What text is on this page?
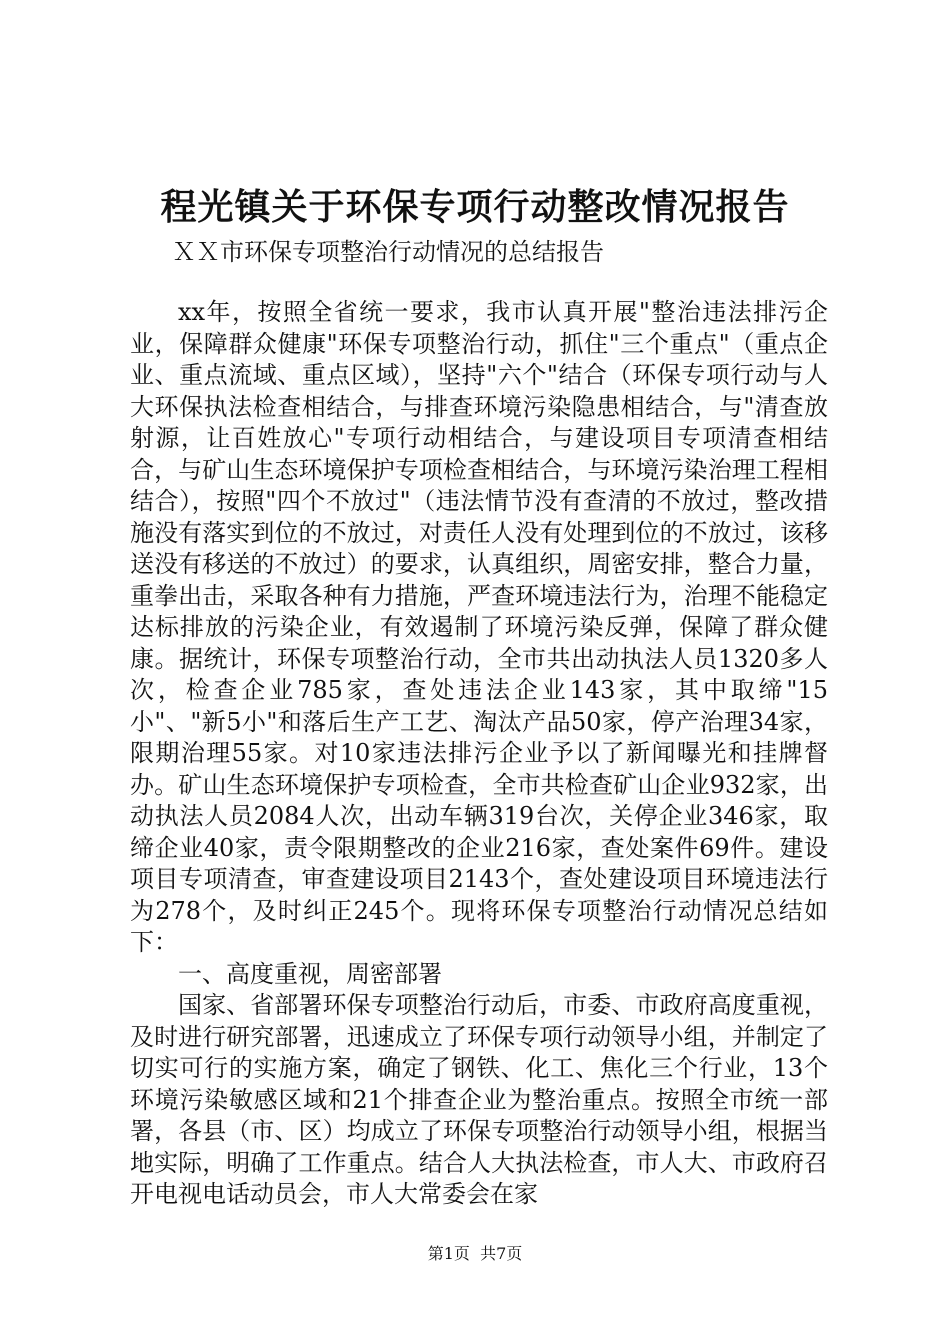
程光镇关于环保专项行动整改情况报告
ＸＸ市环保专项整治行动情况的总结报告

xx年，按照全省统一要求，我市认真开展"整治违法排污企业，保障群众健康"环保专项整治行动，抓住"三个重点"（重点企业、重点流域、重点区域），坚持"六个"结合（环保专项行动与人大环保执法检查相结合，与排查环境污染隐患相结合，与"清查放射源，让百姓放心"专项行动相结合，与建设项目专项清查相结合，与矿山生态环境保护专项检查相结合，与环境污染治理工程相结合），按照"四个不放过"（违法情节没有查清的不放过，整改措施没有落实到位的不放过，对责任人没有处理到位的不放过，该移送没有移送的不放过）的要求，认真组织，周密安排，整合力量，重拳出击，采取各种有力措施，严查环境违法行为，治理不能稳定达标排放的污染企业，有效遏制了环境污染反弹，保障了群众健康。据统计，环保专项整治行动，全市共出动执法人员1320多人次，检查企业785家，查处违法企业143家，其中取缔"15小"、"新5小"和落后生产工艺、淘汰产品50家，停产治理34家，限期治理55家。对10家违法排污企业予以了新闻曝光和挂牌督办。矿山生态环境保护专项检查，全市共检查矿山企业932家，出动执法人员2084人次，出动车辆319台次，关停企业346家，取缔企业40家，责令限期整改的企业216家，查处案件69件。建设项目专项清查，审查建设项目2143个，查处建设项目环境违法行为278个，及时纠正245个。现将环保专项整治行动情况总结如下：

一、高度重视，周密部署

国家、省部署环保专项整治行动后，市委、市政府高度重视，及时进行研究部署，迅速成立了环保专项行动领导小组，并制定了切实可行的实施方案，确定了钢铁、化工、焦化三个行业，13个环境污染敏感区域和21个排查企业为整治重点。按照全市统一部署，各县（市、区）均成立了环保专项整治行动领导小组，根据当地实际，明确了工作重点。结合人大执法检查，市人大、市政府召开电视电话动员会，市人大常委会在家

第1页 共7页
